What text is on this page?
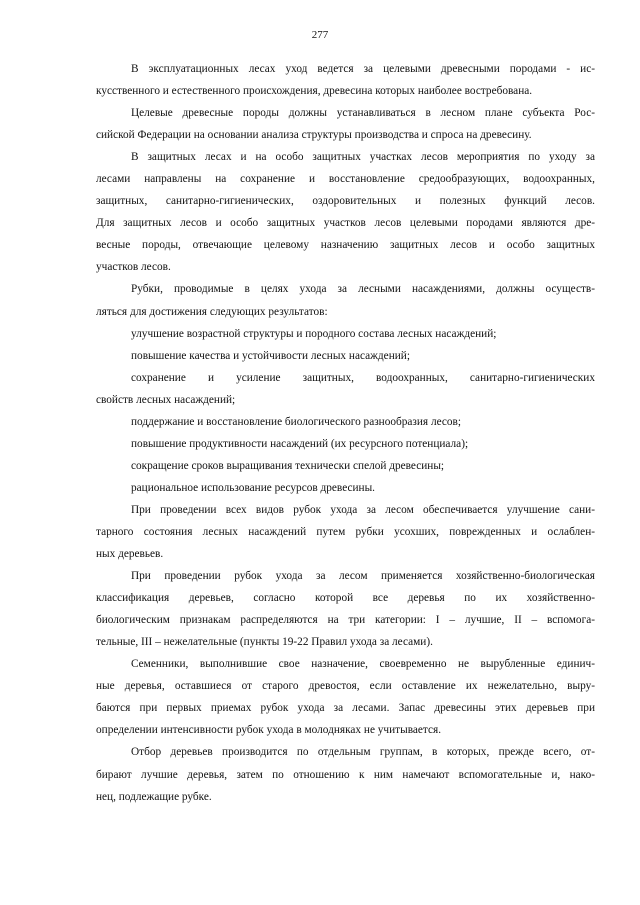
277
В эксплуатационных лесах уход ведется за целевыми древесными породами - ис-
кусственного и естественного происхождения, древесина которых наиболее востребована.
Целевые древесные породы должны устанавливаться в лесном плане субъекта Рос-
сийской Федерации на основании анализа структуры производства и спроса на древесину.
В защитных лесах и на особо защитных участках лесов мероприятия по уходу за
лесами направлены на сохранение и восстановление средообразующих, водоохранных,
защитных, санитарно-гигиенических, оздоровительных и полезных функций лесов.
Для защитных лесов и особо защитных участков лесов целевыми породами являются дре-
весные породы, отвечающие целевому назначению защитных лесов и особо защитных
участков лесов.
Рубки, проводимые в целях ухода за лесными насаждениями, должны осуществ-
ляться для достижения следующих результатов:
улучшение возрастной структуры и породного состава лесных насаждений;
повышение качества и устойчивости лесных насаждений;
сохранение и усиление защитных, водоохранных, санитарно-гигиенических
свойств лесных насаждений;
поддержание и восстановление биологического разнообразия лесов;
повышение продуктивности насаждений (их ресурсного потенциала);
сокращение сроков выращивания технически спелой древесины;
рациональное использование ресурсов древесины.
При проведении всех видов рубок ухода за лесом обеспечивается улучшение сани-
тарного состояния лесных насаждений путем рубки усохших, поврежденных и ослаблен-
ных деревьев.
При проведении рубок ухода за лесом применяется хозяйственно-биологическая
классификация деревьев, согласно которой все деревья по их хозяйственно-
биологическим признакам распределяются на три категории: I – лучшие, II – вспомога-
тельные, III – нежелательные (пункты 19-22 Правил ухода за лесами).
Семенники, выполнившие свое назначение, своевременно не вырубленные единич-
ные деревья, оставшиеся от старого древостоя, если оставление их нежелательно, выру-
баются при первых приемах рубок ухода за лесами. Запас древесины этих деревьев при
определении интенсивности рубок ухода в молодняках не учитывается.
Отбор деревьев производится по отдельным группам, в которых, прежде всего, от-
бирают лучшие деревья, затем по отношению к ним намечают вспомогательные и, нако-
нец, подлежащие рубке.
